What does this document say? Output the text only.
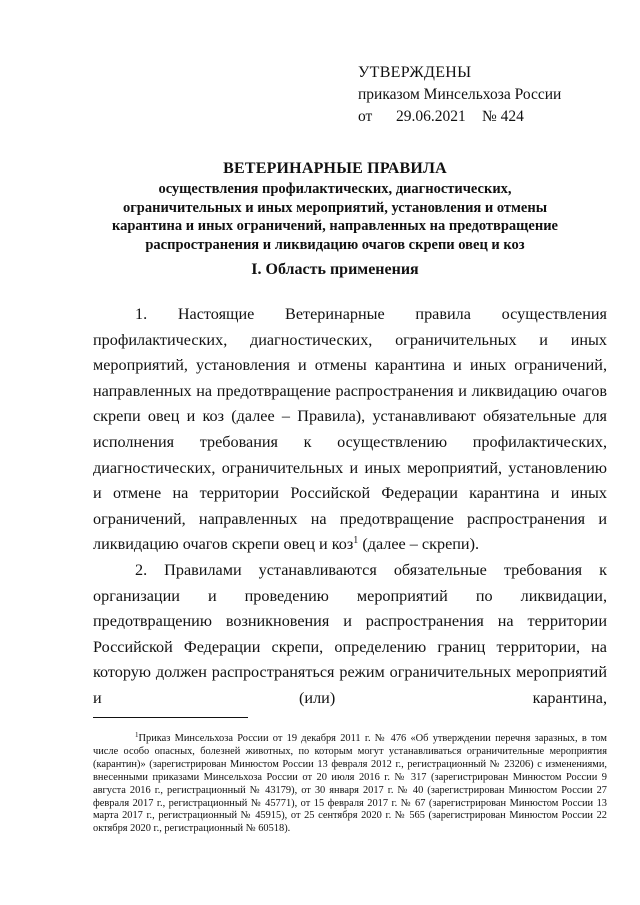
УТВЕРЖДЕНЫ
приказом Минсельхоза России
от 29.06.2021 № 424
ВЕТЕРИНАРНЫЕ ПРАВИЛА
осуществления профилактических, диагностических,
ограничительных и иных мероприятий, установления и отмены
карантина и иных ограничений, направленных на предотвращение
распространения и ликвидацию очагов скрепи овец и коз
I. Область применения

1. Настоящие Ветеринарные правила осуществления профилактических, диагностических, ограничительных и иных мероприятий, установления и отмены карантина и иных ограничений, направленных на предотвращение распространения и ликвидацию очагов скрепи овец и коз (далее – Правила), устанавливают обязательные для исполнения требования к осуществлению профилактических, диагностических, ограничительных и иных мероприятий, установлению и отмене на территории Российской Федерации карантина и иных ограничений, направленных на предотвращение распространения и ликвидацию очагов скрепи овец и коз$^1$ (далее – скрепи).

2. Правилами устанавливаются обязательные требования к организации и проведению мероприятий по ликвидации, предотвращению возникновения и распространения на территории Российской Федерации скрепи, определению границ территории, на которую должен распространяться режим ограничительных мероприятий и (или) карантина,

$^1$Приказ Минсельхоза России от 19 декабря 2011 г. № 476 «Об утверждении перечня заразных, в том числе особо опасных, болезней животных, по которым могут устанавливаться ограничительные мероприятия (карантин)» (зарегистрирован Минюстом России 13 февраля 2012 г., регистрационный № 23206) с изменениями, внесенными приказами Минсельхоза России от 20 июля 2016 г. № 317 (зарегистрирован Минюстом России 9 августа 2016 г., регистрационный № 43179), от 30 января 2017 г. № 40 (зарегистрирован Минюстом России 27 февраля 2017 г., регистрационный № 45771), от 15 февраля 2017 г. № 67 (зарегистрирован Минюстом России 13 марта 2017 г., регистрационный № 45915), от 25 сентября 2020 г. № 565 (зарегистрирован Минюстом России 22 октября 2020 г., регистрационный № 60518).
